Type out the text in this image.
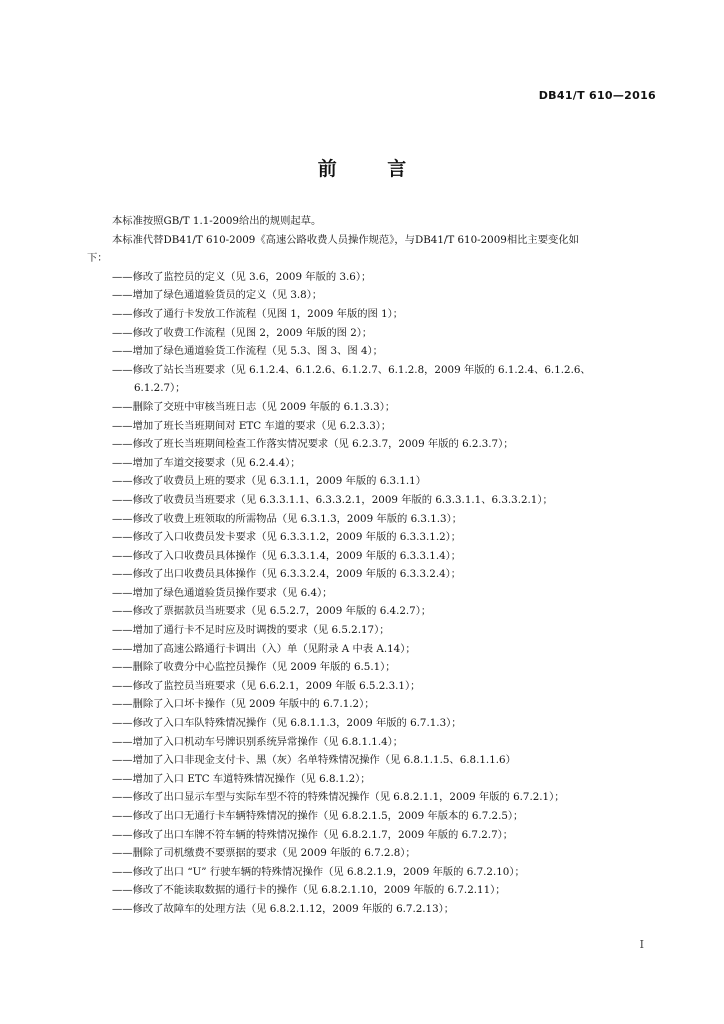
DB41/T 610—2016
前 言

本标准按照GB/T 1.1-2009给出的规则起草。

本标准代替DB41/T 610-2009《高速公路收费人员操作规范》，与DB41/T 610-2009相比主要变化如

下：

——修改了监控员的定义（见 3.6，2009 年版的 3.6）；
——增加了绿色通道验货员的定义（见 3.8）；
——修改了通行卡发放工作流程（见图 1，2009 年版的图 1）；
——修改了收费工作流程（见图 2，2009 年版的图 2）；
——增加了绿色通道验货工作流程（见 5.3、图 3、图 4）；
——修改了站长当班要求（见 6.1.2.4、6.1.2.6、6.1.2.7、6.1.2.8，2009 年版的 6.1.2.4、6.1.2.6、
6.1.2.7）；
——删除了交班中审核当班日志（见 2009 年版的 6.1.3.3）；
——增加了班长当班期间对 ETC 车道的要求（见 6.2.3.3）；
——修改了班长当班期间检查工作落实情况要求（见 6.2.3.7，2009 年版的 6.2.3.7）；
——增加了车道交接要求（见 6.2.4.4）；
——修改了收费员上班的要求（见 6.3.1.1，2009 年版的 6.3.1.1）
——修改了收费员当班要求（见 6.3.3.1.1、6.3.3.2.1，2009 年版的 6.3.3.1.1、6.3.3.2.1）；
——修改了收费上班领取的所需物品（见 6.3.1.3，2009 年版的 6.3.1.3）；
——修改了入口收费员发卡要求（见 6.3.3.1.2，2009 年版的 6.3.3.1.2）；
——修改了入口收费员具体操作（见 6.3.3.1.4，2009 年版的 6.3.3.1.4）；
——修改了出口收费员具体操作（见 6.3.3.2.4，2009 年版的 6.3.3.2.4）；
——增加了绿色通道验货员操作要求（见 6.4）；
——修改了票据款员当班要求（见 6.5.2.7，2009 年版的 6.4.2.7）；
——增加了通行卡不足时应及时调拨的要求（见 6.5.2.17）；
——增加了高速公路通行卡调出（入）单（见附录 A 中表 A.14）；
——删除了收费分中心监控员操作（见 2009 年版的 6.5.1）；
——修改了监控员当班要求（见 6.6.2.1，2009 年版 6.5.2.3.1）；
——删除了入口坏卡操作（见 2009 年版中的 6.7.1.2）；
——修改了入口车队特殊情况操作（见 6.8.1.1.3，2009 年版的 6.7.1.3）；
——增加了入口机动车号牌识别系统异常操作（见 6.8.1.1.4）；
——增加了入口非现金支付卡、黑（灰）名单特殊情况操作（见 6.8.1.1.5、6.8.1.1.6）
——增加了入口 ETC 车道特殊情况操作（见 6.8.1.2）；
——修改了出口显示车型与实际车型不符的特殊情况操作（见 6.8.2.1.1，2009 年版的 6.7.2.1）；
——修改了出口无通行卡车辆特殊情况的操作（见 6.8.2.1.5，2009 年版本的 6.7.2.5）；
——修改了出口车牌不符车辆的特殊情况操作（见 6.8.2.1.7，2009 年版的 6.7.2.7）；
——删除了司机缴费不要票据的要求（见 2009 年版的 6.7.2.8）；
——修改了出口 “U” 行驶车辆的特殊情况操作（见 6.8.2.1.9，2009 年版的 6.7.2.10）；
——修改了不能读取数据的通行卡的操作（见 6.8.2.1.10，2009 年版的 6.7.2.11）；
——修改了故障车的处理方法（见 6.8.2.1.12，2009 年版的 6.7.2.13）；
I
